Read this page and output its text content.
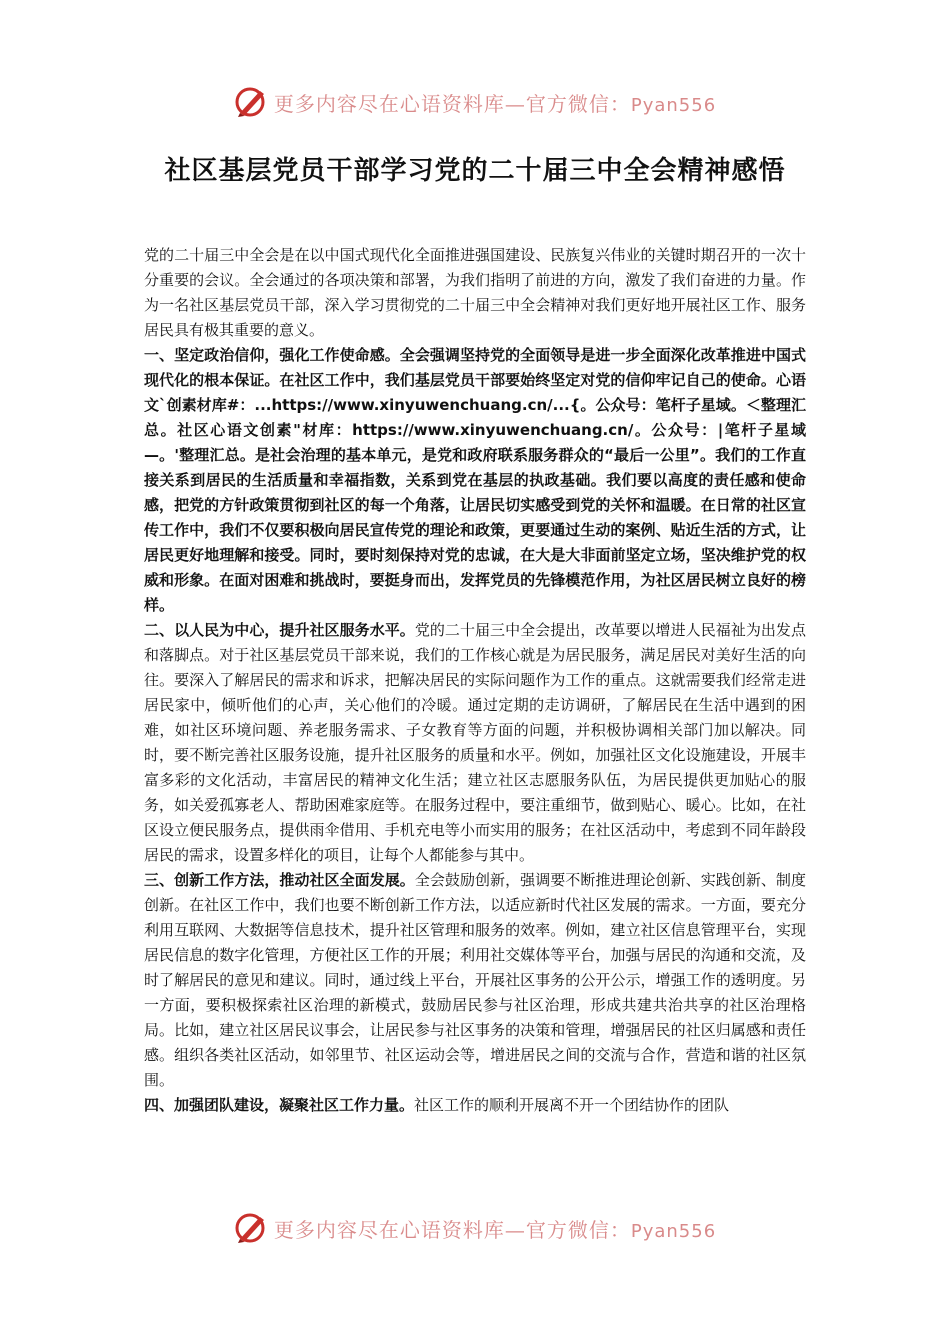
更多内容尽在心语资料库—官方微信：Pyan556
社区基层党员干部学习党的二十届三中全会精神感悟

党的二十届三中全会是在以中国式现代化全面推进强国建设、民族复兴伟业的关键时期召开的一次十分重要的会议。全会通过的各项决策和部署，为我们指明了前进的方向，激发了我们奋进的力量。作为一名社区基层党员干部，深入学习贯彻党的二十届三中全会精神对我们更好地开展社区工作、服务居民具有极其重要的意义。

一、坚定政治信仰，强化工作使命感。全会强调坚持党的全面领导是进一步全面深化改革推进中国式现代化的根本保证。在社区工作中，我们基层党员干部要始终坚定对党的信仰牢记自己的使命。心语文`创素材库#：...https://www.xinyuwenchuang.cn/...{。公众号：笔杆子星域。＜整理汇总。社区心语文创素"材库：https://www.xinyuwenchuang.cn/。公众号：|笔杆子星域—。'整理汇总。是社会治理的基本单元，是党和政府联系服务群众的“最后一公里”。我们的工作直接关系到居民的生活质量和幸福指数，关系到党在基层的执政基础。我们要以高度的责任感和使命感，把党的方针政策贯彻到社区的每一个角落，让居民切实感受到党的关怀和温暖。在日常的社区宣传工作中，我们不仅要积极向居民宣传党的理论和政策，更要通过生动的案例、贴近生活的方式，让居民更好地理解和接受。同时，要时刻保持对党的忠诚，在大是大非面前坚定立场，坚决维护党的权威和形象。在面对困难和挑战时，要挺身而出，发挥党员的先锋模范作用，为社区居民树立良好的榜样。

二、以人民为中心，提升社区服务水平。党的二十届三中全会提出，改革要以增进人民福祉为出发点和落脚点。对于社区基层党员干部来说，我们的工作核心就是为居民服务，满足居民对美好生活的向往。要深入了解居民的需求和诉求，把解决居民的实际问题作为工作的重点。这就需要我们经常走进居民家中，倾听他们的心声，关心他们的冷暖。通过定期的走访调研，了解居民在生活中遇到的困难，如社区环境问题、养老服务需求、子女教育等方面的问题，并积极协调相关部门加以解决。同时，要不断完善社区服务设施，提升社区服务的质量和水平。例如，加强社区文化设施建设，开展丰富多彩的文化活动，丰富居民的精神文化生活；建立社区志愿服务队伍，为居民提供更加贴心的服务，如关爱孤寡老人、帮助困难家庭等。在服务过程中，要注重细节，做到贴心、暖心。比如，在社区设立便民服务点，提供雨伞借用、手机充电等小而实用的服务；在社区活动中，考虑到不同年龄段居民的需求，设置多样化的项目，让每个人都能参与其中。

三、创新工作方法，推动社区全面发展。全会鼓励创新，强调要不断推进理论创新、实践创新、制度创新。在社区工作中，我们也要不断创新工作方法，以适应新时代社区发展的需求。一方面，要充分利用互联网、大数据等信息技术，提升社区管理和服务的效率。例如，建立社区信息管理平台，实现居民信息的数字化管理，方便社区工作的开展；利用社交媒体等平台，加强与居民的沟通和交流，及时了解居民的意见和建议。同时，通过线上平台，开展社区事务的公开公示，增强工作的透明度。另一方面，要积极探索社区治理的新模式，鼓励居民参与社区治理，形成共建共治共享的社区治理格局。比如，建立社区居民议事会，让居民参与社区事务的决策和管理，增强居民的社区归属感和责任感。组织各类社区活动，如邻里节、社区运动会等，增进居民之间的交流与合作，营造和谐的社区氛围。

四、加强团队建设，凝聚社区工作力量。社区工作的顺利开展离不开一个团结协作的团队

更多内容尽在心语资料库—官方微信：Pyan556
